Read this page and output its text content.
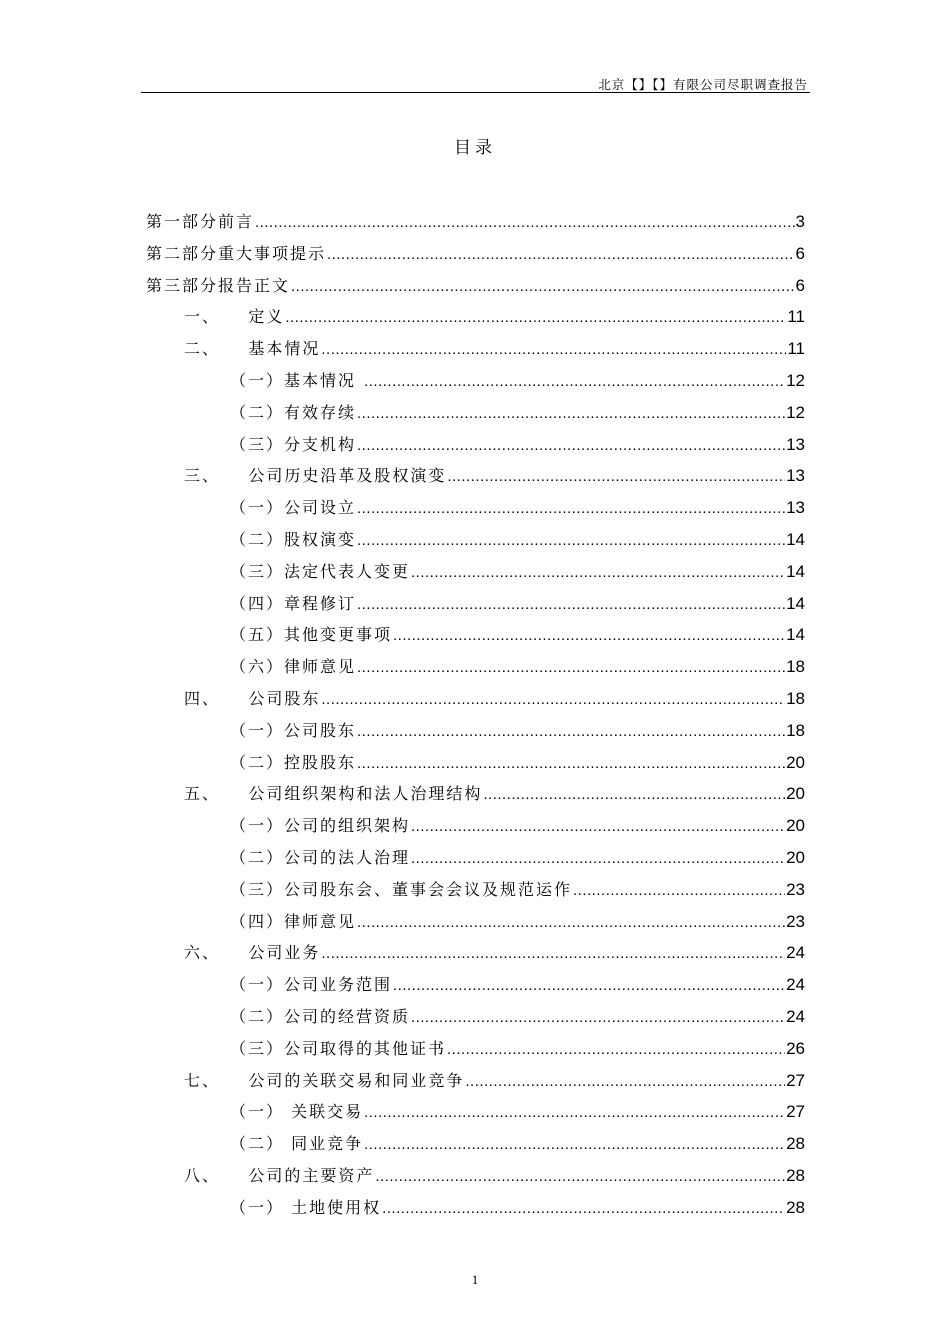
北京【】【】有限公司尽职调查报告
目录
第一部分前言 .....	3
第二部分重大事项提示 .....	6
第三部分报告正文 .....	6
一、    定义 .....	11
二、    基本情况 .....	11
（一）基本情况 .....	12
（二）有效存续 .....	12
（三）分支机构 .....	13
三、    公司历史沿革及股权演变 .....	13
（一）公司设立 .....	13
（二）股权演变 .....	14
（三）法定代表人变更 .....	14
（四）章程修订 .....	14
（五）其他变更事项 .....	14
（六）律师意见 .....	18
四、    公司股东 .....	18
（一）公司股东 .....	18
（二）控股股东 .....	20
五、    公司组织架构和法人治理结构 .....	20
（一）公司的组织架构 .....	20
（二）公司的法人治理 .....	20
（三）公司股东会、董事会会议及规范运作 .....	23
（四）律师意见 .....	23
六、    公司业务 .....	24
（一）公司业务范围 .....	24
（二）公司的经营资质 .....	24
（三）公司取得的其他证书 .....	26
七、    公司的关联交易和同业竞争 .....	27
（一） 关联交易 .....	27
（二） 同业竞争 .....	28
八、    公司的主要资产 .....	28
（一） 土地使用权 .....	28
1
